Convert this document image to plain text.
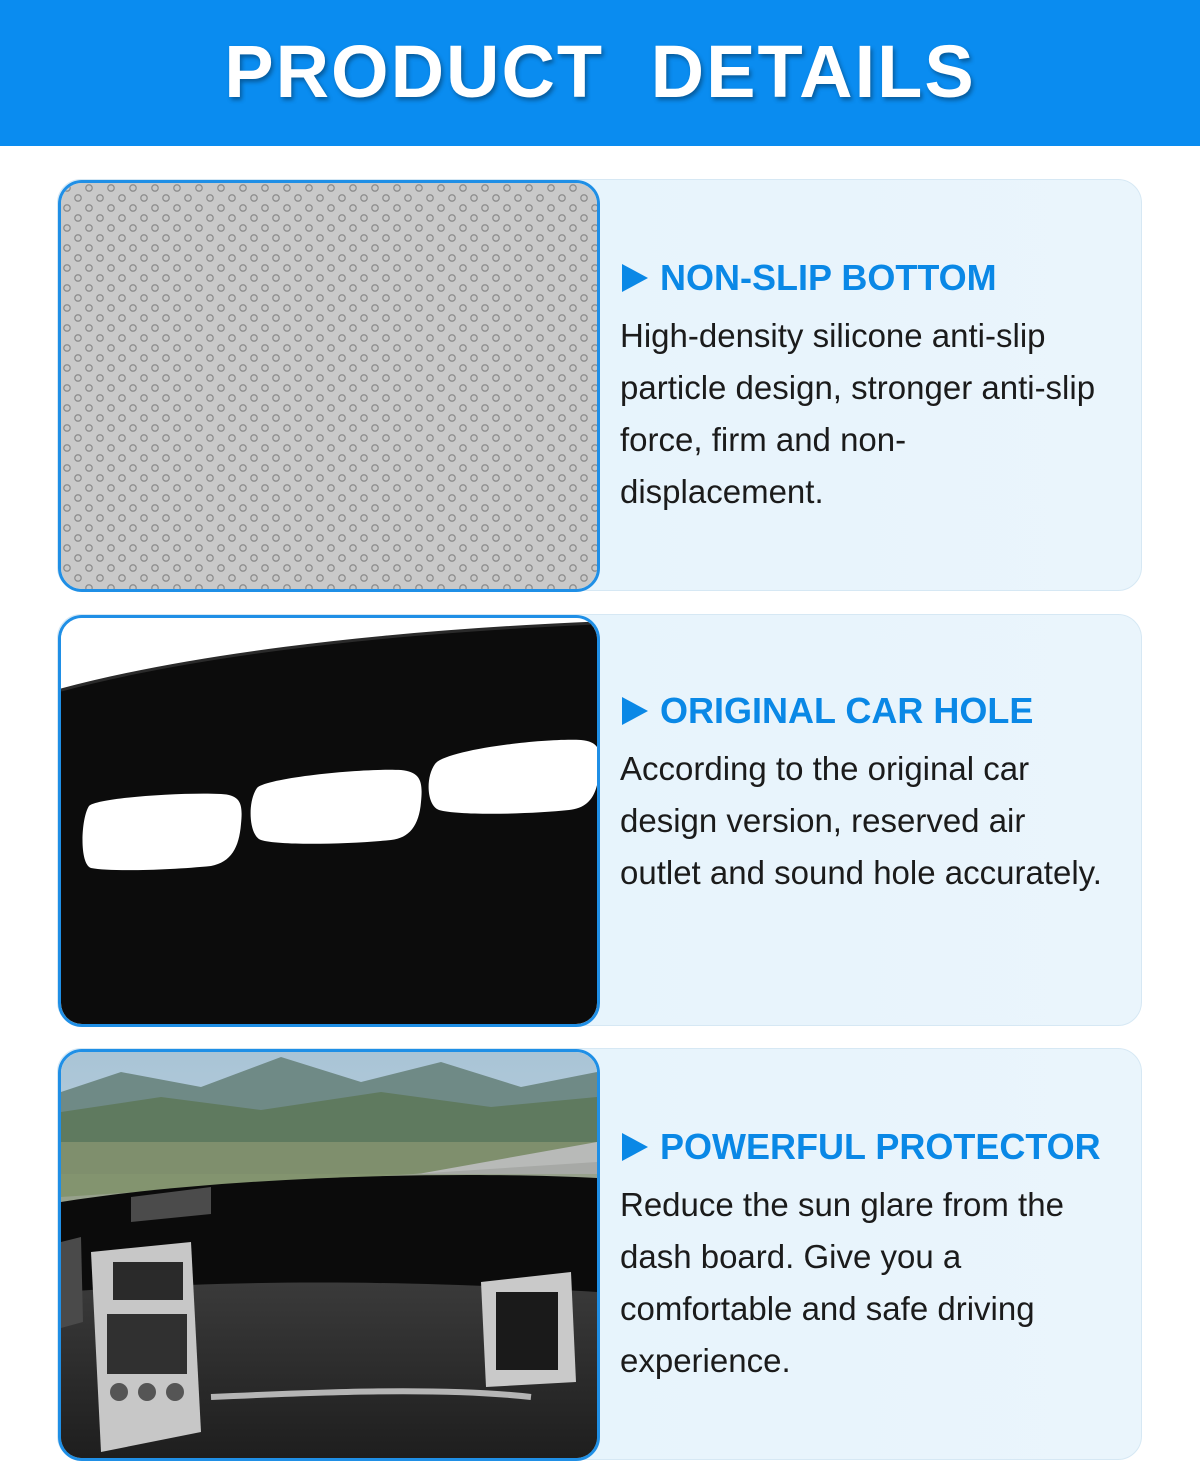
PRODUCT DETAILS
NON-SLIP BOTTOM
High-density silicone anti-slip particle design, stronger anti-slip force, firm and non-displacement.
ORIGINAL CAR HOLE
According to the original car design version, reserved air outlet and sound hole accurately.
POWERFUL PROTECTOR
Reduce the sun glare from the dash board. Give you a comfortable and safe driving experience.
